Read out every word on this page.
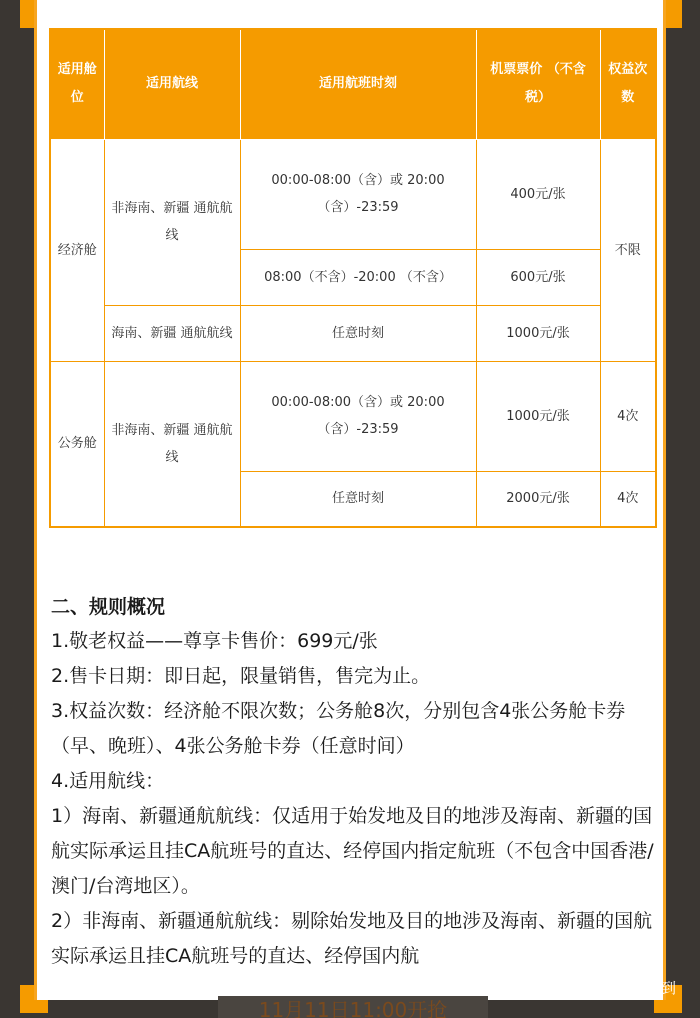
适用舱位	适用航线	适用航班时刻	机票票价 （不含税）	权益次数
经济舱	非海南、新疆 通航航线	00:00-08:00（含）或 20:00（含）-23:59	400元/张	不限
		08:00（不含）-20:00 （不含）	600元/张	
	海南、新疆 通航航线	任意时刻	1000元/张	
公务舱	非海南、新疆 通航航线	00:00-08:00（含）或 20:00（含）-23:59	1000元/张	4次
		任意时刻	2000元/张	4次
二、规则概况

1.敬老权益——尊享卡售价：699元/张

2.售卡日期：即日起，限量销售，售完为止。

3.权益次数：经济舱不限次数；公务舱8次，分别包含4张公务舱卡券（早、晚班）、4张公务舱卡券（任意时间）

4.适用航线：

1）海南、新疆通航航线：仅适用于始发地及目的地涉及海南、新疆的国航实际承运且挂CA航班号的直达、经停国内指定航班（不包含中国香港/澳门/台湾地区）。

2）非海南、新疆通航航线：剔除始发地及目的地涉及海南、新疆的国航实际承运且挂CA航班号的直达、经停国内航

11月11日11:00开抢
低价买得到
